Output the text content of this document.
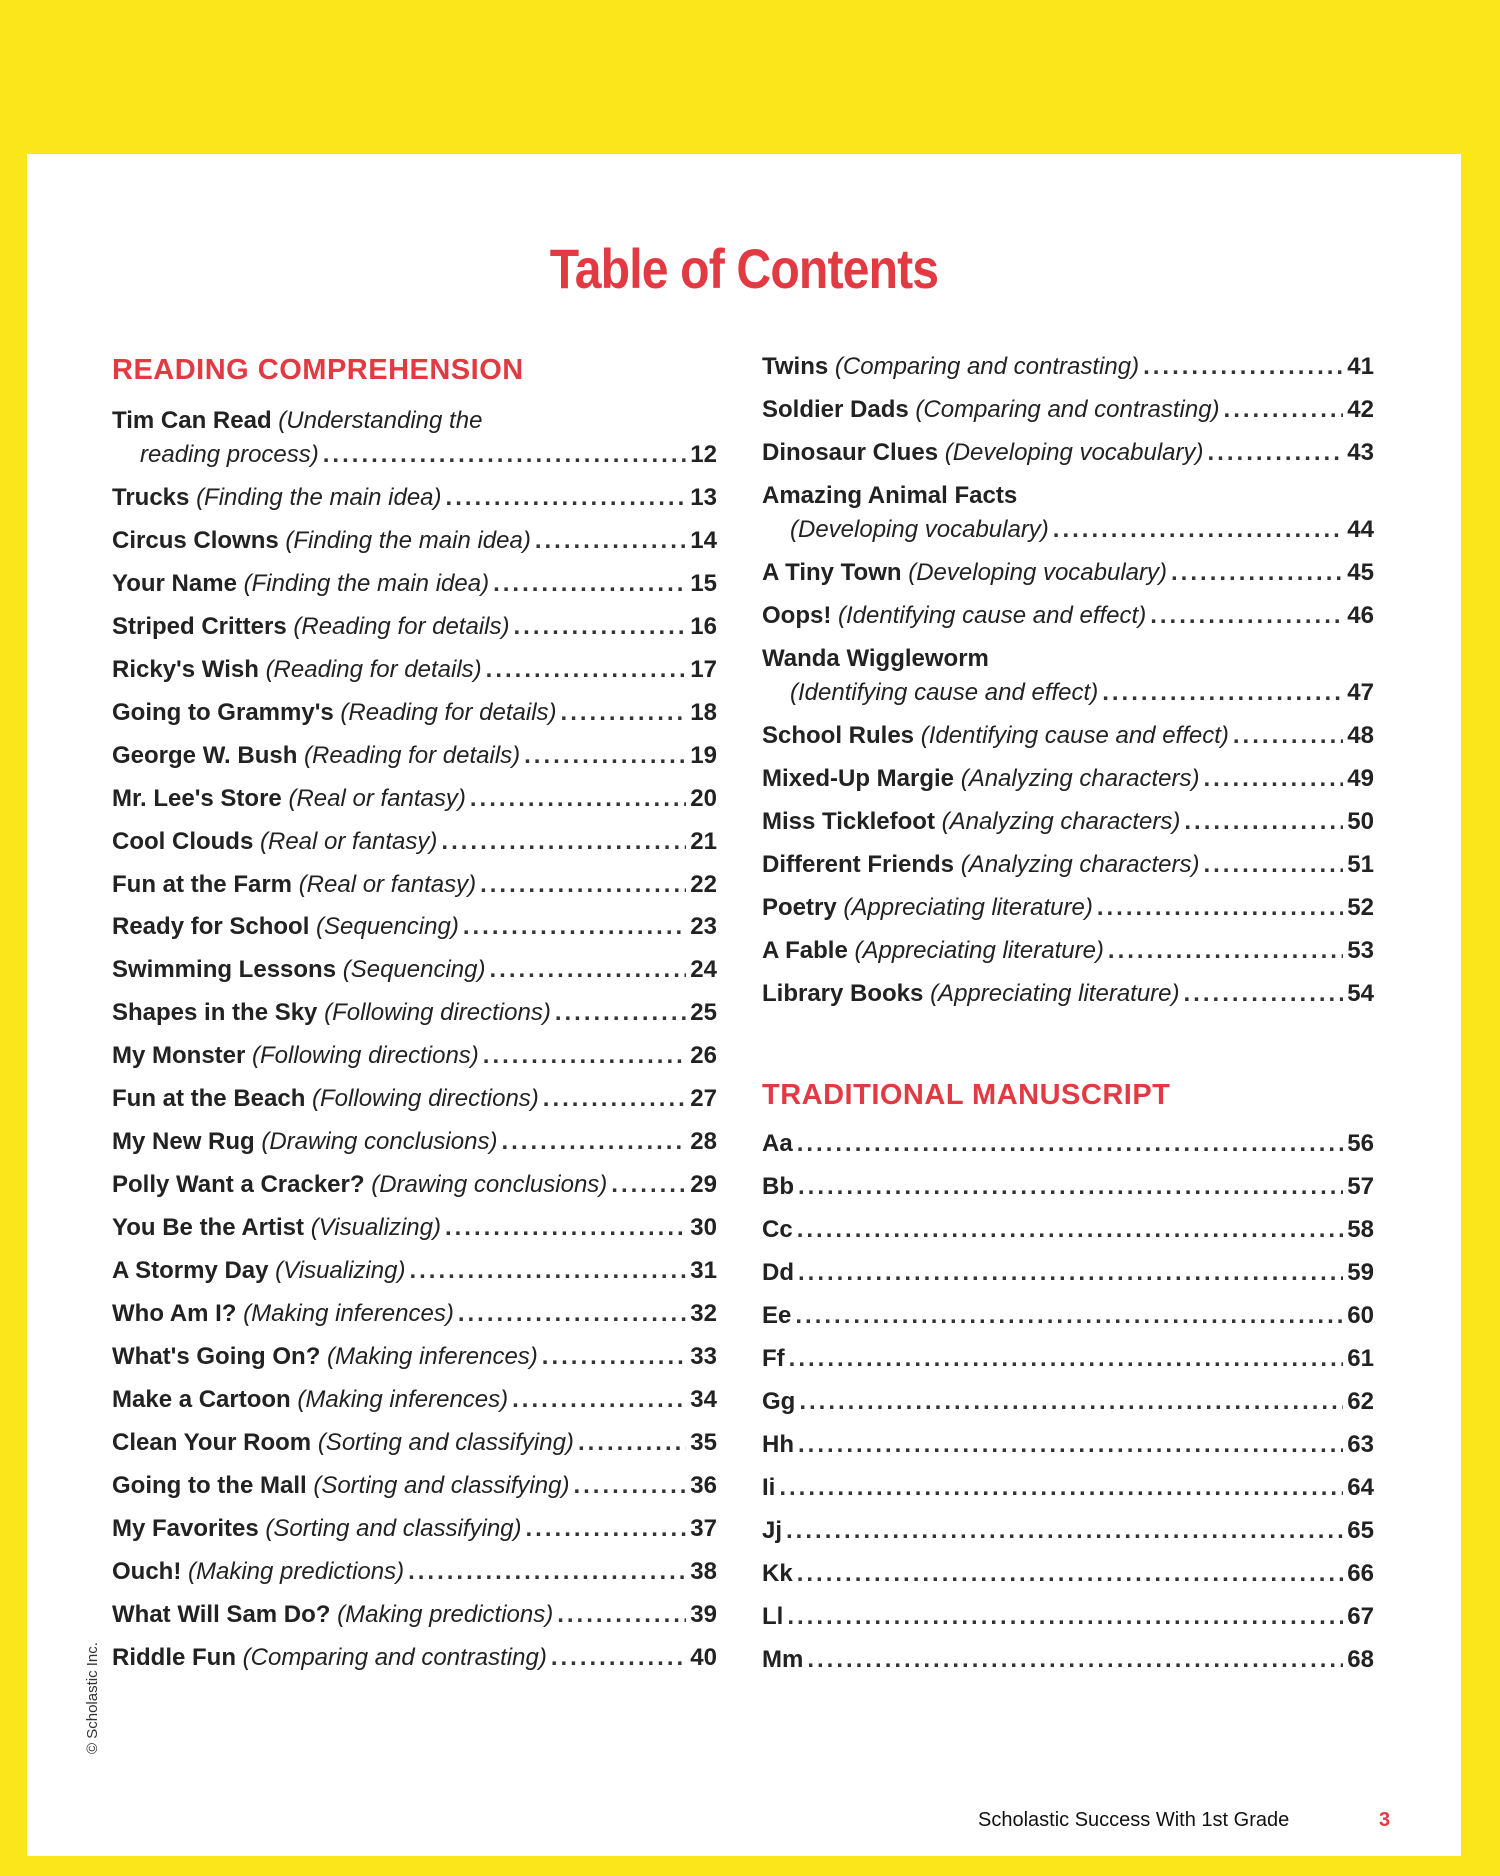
Table of Contents
READING COMPREHENSION
Tim Can Read (Understanding the
reading process) .....	12
Trucks (Finding the main idea) .....	13
Circus Clowns (Finding the main idea) .....	14
Your Name (Finding the main idea) .....	15
Striped Critters (Reading for details) .....	16
Ricky's Wish (Reading for details) .....	17
Going to Grammy's (Reading for details) .....	18
George W. Bush (Reading for details) .....	19
Mr. Lee's Store (Real or fantasy) .....	20
Cool Clouds (Real or fantasy) .....	21
Fun at the Farm (Real or fantasy) .....	22
Ready for School (Sequencing) .....	23
Swimming Lessons (Sequencing) .....	24
Shapes in the Sky (Following directions) .....	25
My Monster (Following directions) .....	26
Fun at the Beach (Following directions) .....	27
My New Rug (Drawing conclusions) .....	28
Polly Want a Cracker? (Drawing conclusions) .....	29
You Be the Artist (Visualizing) .....	30
A Stormy Day (Visualizing) .....	31
Who Am I? (Making inferences) .....	32
What's Going On? (Making inferences) .....	33
Make a Cartoon (Making inferences) .....	34
Clean Your Room (Sorting and classifying) .....	35
Going to the Mall (Sorting and classifying) .....	36
My Favorites (Sorting and classifying) .....	37
Ouch! (Making predictions) .....	38
What Will Sam Do? (Making predictions) .....	39
Riddle Fun (Comparing and contrasting) .....	40
TRADITIONAL MANUSCRIPT
Twins (Comparing and contrasting) .....	41
Soldier Dads (Comparing and contrasting) .....	42
Dinosaur Clues (Developing vocabulary) .....	43
Amazing Animal Facts
(Developing vocabulary) .....	44
A Tiny Town (Developing vocabulary) .....	45
Oops! (Identifying cause and effect) .....	46
Wanda Wiggleworm
(Identifying cause and effect) .....	47
School Rules (Identifying cause and effect) .....	48
Mixed-Up Margie (Analyzing characters) .....	49
Miss Ticklefoot (Analyzing characters) .....	50
Different Friends (Analyzing characters) .....	51
Poetry (Appreciating literature) .....	52
A Fable (Appreciating literature) .....	53
Library Books (Appreciating literature) .....	54
Aa .....	56
Bb .....	57
Cc .....	58
Dd .....	59
Ee .....	60
Ff .....	61
Gg .....	62
Hh .....	63
Ii .....	64
Jj .....	65
Kk .....	66
Ll .....	67
Mm .....	68
© Scholastic Inc.
Scholastic Success With 1st Grade	3
